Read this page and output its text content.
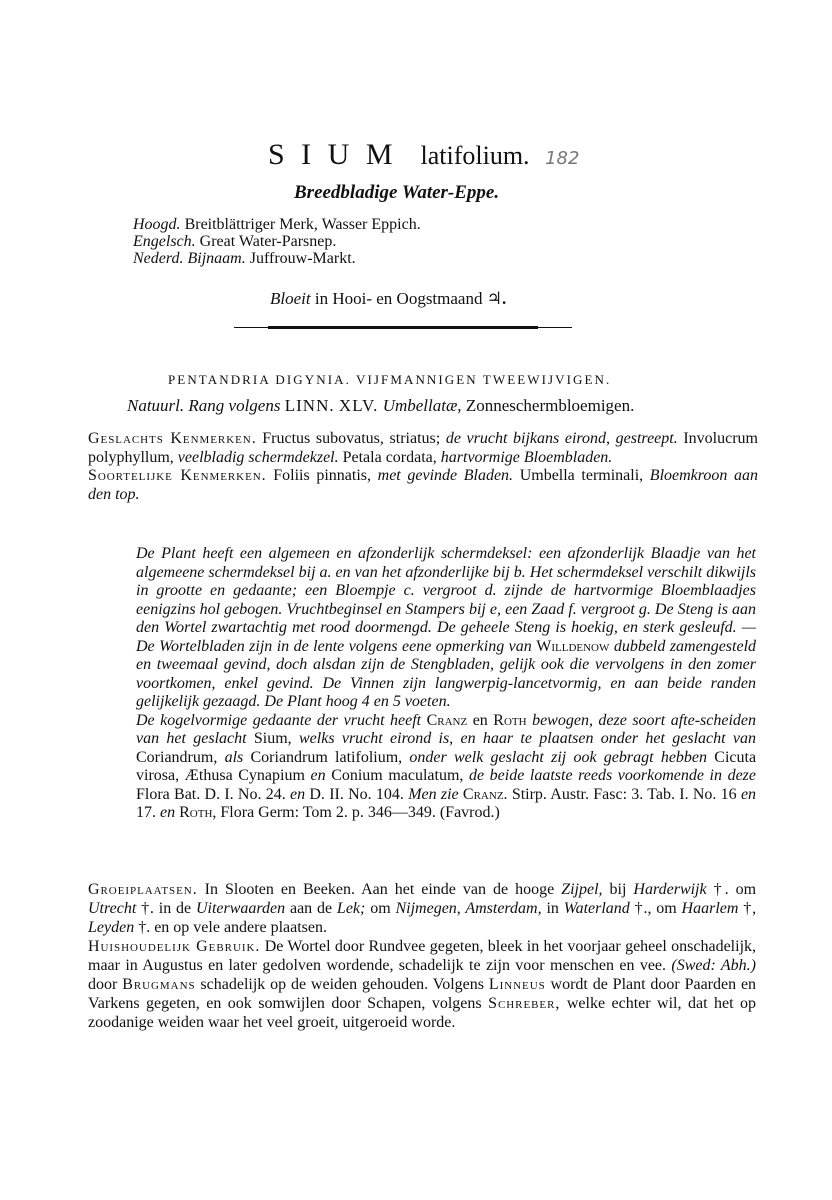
SIUM latifolium. 182
Breedbladige Water-Eppe.
Hoogd. Breitblättriger Merk, Wasser Eppich.
Engelsch. Great Water-Parsnep.
Nederd. Bijnaam. Juffrouw-Markt.
Bloeit in Hooi- en Oogstmaand ♃.
PENTANDRIA DIGYNIA. VIJFMANNIGEN TWEEWIJVIGEN.
Natuurl. Rang volgens LINN. XLV. Umbellatæ, Zonneschermbloemigen.
Geslachts Kenmerken. Fructus subovatus, striatus; de vrucht bijkans eirond, gestreept. Involucrum polyphyllum, veelbladig schermdekzel. Petala cordata, hartvormige Bloembladen.
Soortelijke Kenmerken. Foliis pinnatis, met gevinde Bladen. Umbella terminali, Bloemkroon aan den top.

De Plant heeft een algemeen en afzonderlijk schermdeksel: een afzonderlijk Blaadje van het algemeene schermdeksel bij a. en van het afzonderlijke bij b. Het schermdeksel verschilt dikwijls in grootte en gedaante; een Bloempje c. vergroot d. zijnde de hartvormige Bloemblaadjes eenigzins hol gebogen. Vruchtbeginsel en Stampers bij e, een Zaad f. vergroot g. De Steng is aan den Wortel zwartachtig met rood doormengd. De geheele Steng is hoekig, en sterk gesleufd. — De Wortelbladen zijn in de lente volgens eene opmerking van Willdenow dubbeld zamengesteld en tweemaal gevind, doch alsdan zijn de Stengbladen, gelijk ook die vervolgens in den zomer voortkomen, enkel gevind. De Vinnen zijn langwerpig-lancetvormig, en aan beide randen gelijkelijk gezaagd. De Plant hoog 4 en 5 voeten.

De kogelvormige gedaante der vrucht heeft Cranz en Roth bewogen, deze soort afte-scheiden van het geslacht Sium, welks vrucht eirond is, en haar te plaatsen onder het geslacht van Coriandrum, als Coriandrum latifolium, onder welk geslacht zij ook gebragt hebben Cicuta virosa, Æthusa Cynapium en Conium maculatum, de beide laatste reeds voorkomende in deze Flora Bat. D. I. No. 24. en D. II. No. 104. Men zie Cranz. Stirp. Austr. Fasc: 3. Tab. I. No. 16 en 17. en Roth, Flora Germ: Tom 2. p. 346—349. (Favrod.)

Groeiplaatsen. In Slooten en Beeken. Aan het einde van de hooge Zijpel, bij Harderwijk †. om Utrecht †. in de Uiterwaarden aan de Lek; om Nijmegen, Amsterdam, in Waterland †., om Haarlem †, Leyden †. en op vele andere plaatsen.

Huishoudelijk Gebruik. De Wortel door Rundvee gegeten, bleek in het voorjaar geheel onschadelijk, maar in Augustus en later gedolven wordende, schadelijk te zijn voor menschen en vee. (Swed: Abh.) door Brugmans schadelijk op de weiden gehouden. Volgens Linneus wordt de Plant door Paarden en Varkens gegeten, en ook somwijlen door Schapen, volgens Schreber, welke echter wil, dat het op zoodanige weiden waar het veel groeit, uitgeroeid worde.
